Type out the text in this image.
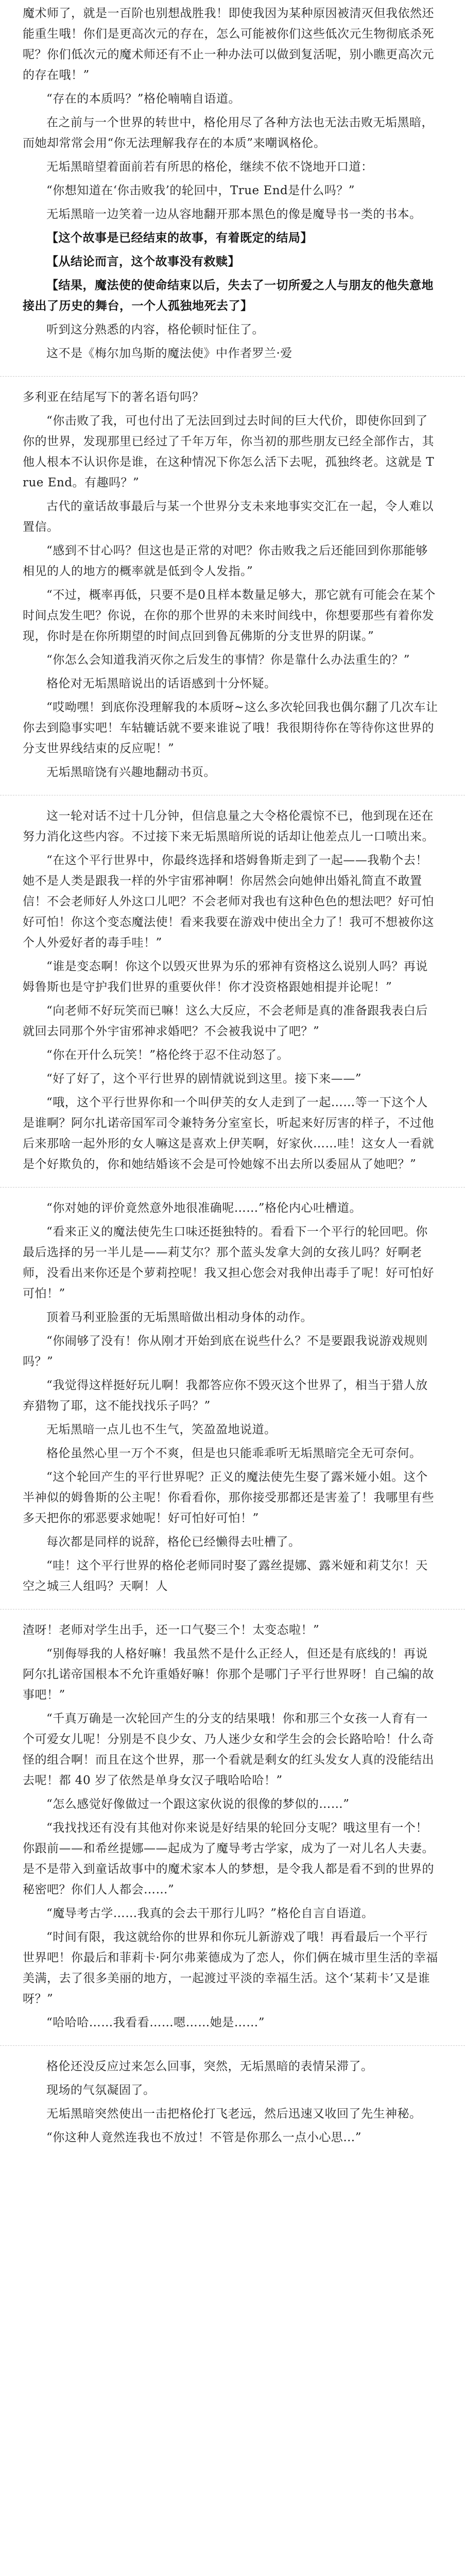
魔术师了，就是一百阶也别想战胜我！即使我因为某种原因被清灭但我依然还能重生哦！你们是更高次元的存在，怎么可能被你们这些低次元生物彻底杀死呢？你们低次元的魔术师还有不止一种办法可以做到复活呢，别小瞧更高次元的存在哦！”

“存在的本质吗？”格伦喃喃自语道。

在之前与一个世界的转世中，格伦用尽了各种方法也无法击败无垢黑暗，而她却常常会用“你无法理解我存在的本质”来嘲讽格伦。

无垢黑暗望着面前若有所思的格伦，继续不依不饶地开口道：

“你想知道在‘你击败我’的轮回中，True End是什么吗？”

无垢黑暗一边笑着一边从容地翻开那本黑色的像是魔导书一类的书本。

【这个故事是已经结束的故事，有着既定的结局】

【从结论而言，这个故事没有救赎】

【结果，魔法使的使命结束以后，失去了一切所爱之人与朋友的他失意地接出了历史的舞台，一个人孤独地死去了】

听到这分熟悉的内容，格伦顿时怔住了。

这不是《梅尔加鸟斯的魔法使》中作者罗兰·爱

多利亚在结尾写下的著名语句吗？

“你击败了我，可也付出了无法回到过去时间的巨大代价，即使你回到了你的世界，发现那里已经过了千年万年，你当初的那些朋友已经全部作古，其他人根本不认识你是谁，在这种情况下你怎么活下去呢，孤独终老。这就是 True End。有趣吗？”

古代的童话故事最后与某一个世界分支未来地事实交汇在一起，令人难以置信。

“感到不甘心吗？但这也是正常的对吧？你击败我之后还能回到你那能够相见的人的地方的概率就是低到令人发指。”

“不过，概率再低，只要不是0且样本数量足够大，那它就有可能会在某个时间点发生吧？你说，在你的那个世界的未来时间线中，你想要那些有着你发现，你时是在你所期望的时间点回到鲁瓦佛斯的分支世界的阴谋。”

“你怎么会知道我消灭你之后发生的事情？你是靠什么办法重生的？”

格伦对无垢黑暗说出的话语感到十分怀疑。

“哎呦嘿！到底你没理解我的本质呀~这么多次轮回我也偶尔翻了几次车让你去到隐事实吧！车轱辘话就不要来谁说了哦！我很期待你在等待你这世界的分支世界线结束的反应呢！”

无垢黑暗饶有兴趣地翻动书页。

这一轮对话不过十几分钟，但信息量之大令格伦震惊不已，他到现在还在努力消化这些内容。不过接下来无垢黑暗所说的话却让他差点儿一口喷出来。

“在这个平行世界中，你最终选择和塔姆鲁斯走到了一起——我勒个去！她不是人类是跟我一样的外宇宙邪神啊！你居然会向她伸出婚礼简直不敢置信！不会老师好人外这口儿吧？不会老师对我也有这种色色的想法吧？好可怕好可怕！你这个变态魔法使！看来我要在游戏中使出全力了！我可不想被你这个人外爱好者的毒手哇！”

“谁是变态啊！你这个以毁灭世界为乐的邪神有资格这么说别人吗？再说姆鲁斯也是守护我们世界的重要伙伴！你才没资格跟她相提并论呢！”

“向老师不好玩笑而已嘛！这么大反应，不会老师是真的准备跟我表白后就回去同那个外宇宙邪神求婚吧？不会被我说中了吧？”

“你在开什么玩笑！”格伦终于忍不住动怒了。

“好了好了，这个平行世界的剧情就说到这里。接下来——”

“哦，这个平行世界你和一个叫伊芙的女人走到了一起……等一下这个人是谁啊？阿尔扎诺帝国军司令兼特务分室室长，听起来好厉害的样子，不过他后来那啥一起外形的女人嘛这是喜欢上伊芙啊，好家伙……哇！这女人一看就是个好欺负的，你和她结婚该不会是可怜她嫁不出去所以委屈从了她吧？”

“你对她的评价竟然意外地很准确呢……”格伦内心吐槽道。

“看来正义的魔法使先生口味还挺独特的。看看下一个平行的轮回吧。你最后选择的另一半儿是——莉艾尔？那个蓝头发拿大剑的女孩儿吗？好啊老师，没看出来你还是个萝莉控呢！我又担心您会对我伸出毒手了呢！好可怕好可怕！”

顶着马利亚脸蛋的无垢黑暗做出相动身体的动作。

“你闹够了没有！你从刚才开始到底在说些什么？不是要跟我说游戏规则吗？”

“我觉得这样挺好玩儿啊！我都答应你不毁灭这个世界了，相当于猎人放弃猎物了耶，这不能找找乐子吗？”

无垢黑暗一点儿也不生气，笑盈盈地说道。

格伦虽然心里一万个不爽，但是也只能乖乖听无垢黑暗完全无可奈何。

“这个轮回产生的平行世界呢？正义的魔法使先生娶了露米娅小姐。这个半神似的姆鲁斯的公主呢！你看看你，那你接受那都还是害羞了！我哪里有些多天把你的邪恶要求她呢！好可怕好可怕！”

每次都是同样的说辞，格伦已经懒得去吐槽了。

“哇！这个平行世界的格伦老师同时娶了露丝提娜、露米娅和莉艾尔！天空之城三人组吗？天啊！人

渣呀！老师对学生出手，还一口气娶三个！太变态啦！”

“别侮辱我的人格好嘛！我虽然不是什么正经人，但还是有底线的！再说阿尔扎诺帝国根本不允许重婚好嘛！你那个是哪门子平行世界呀！自己编的故事吧！”

“千真万确是一次轮回产生的分支的结果哦！你和那三个女孩一人育有一个可爱女儿呢！分别是不良少女、乃人迷少女和学生会的会长路哈哈！什么奇怪的组合啊！而且在这个世界，那一个看就是剩女的红头发女人真的没能结出去呢！都 40 岁了依然是单身女汉子哦哈哈哈！”

“怎么感觉好像做过一个跟这家伙说的很像的梦似的……”

“我找找还有没有其他对你来说是好结果的轮回分支呢？哦这里有一个！你跟前——和希丝提娜——起成为了魔导考古学家，成为了一对儿名人夫妻。是不是带入到童话故事中的魔术家本人的梦想，是令我人都是看不到的世界的秘密吧？你们人人都会……”

“魔导考古学……我真的会去干那行儿吗？”格伦自言自语道。

“时间有限，我这就给你的世界和你玩儿新游戏了哦！再看最后一个平行世界吧！你最后和菲莉卡·阿尔弗莱德成为了恋人，你们俩在城市里生活的幸福美满，去了很多美丽的地方，一起渡过平淡的幸福生活。这个‘某莉卡’又是谁呀？”

“哈哈哈……我看看……嗯……她是……”

格伦还没反应过来怎么回事，突然，无垢黑暗的表情呆滞了。

现场的气氛凝固了。

无垢黑暗突然使出一击把格伦打飞老远，然后迅速又收回了先生神秘。

“你这种人竟然连我也不放过！不管是你那么一点小心思…”
